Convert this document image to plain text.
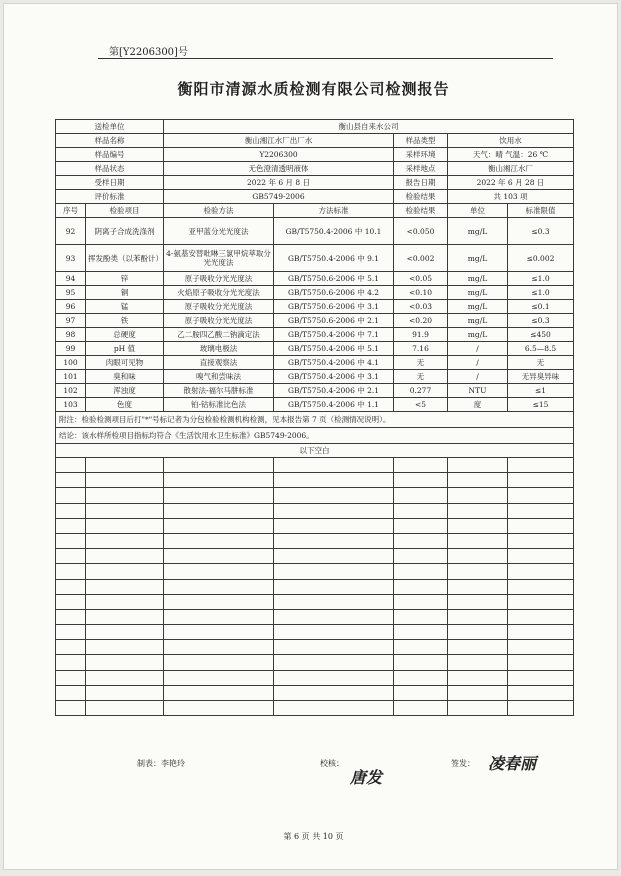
第[Y2206300]号
衡阳市清源水质检测有限公司检测报告
送检单位		衡山县自来水公司				
样品名称		衡山湘江水厂出厂水		样品类型	饮用水	
样品编号		Y2206300		采样环境	天气：晴 气温：26 ℃	
样品状态		无色澄清透明液体		采样地点	衡山湘江水厂	
受样日期		2022 年 6 月 8 日		报告日期	2022 年 6 月 28 日	
评价标准		GB5749-2006		检验结果	共 103 项	
序号	检验项目	检验方法	方法标准	检验结果	单位	标准限值
92	阴离子合成洗涤剂	亚甲蓝分光光度法	GB/T5750.4-2006 中 10.1	<0.050	mg/L	≤0.3
93	挥发酚类（以苯酚计）	4-氨基安替吡啉三氯甲烷萃取分光光度法	GB/T5750.4-2006 中 9.1	<0.002	mg/L	≤0.002
94	锌	原子吸收分光光度法	GB/T5750.6-2006 中 5.1	<0.05	mg/L	≤1.0
95	铜	火焰原子吸收分光光度法	GB/T5750.6-2006 中 4.2	<0.10	mg/L	≤1.0
96	锰	原子吸收分光光度法	GB/T5750.6-2006 中 3.1	<0.03	mg/L	≤0.1
97	铁	原子吸收分光光度法	GB/T5750.6-2006 中 2.1	<0.20	mg/L	≤0.3
98	总硬度	乙二胺四乙酸二钠滴定法	GB/T5750.4-2006 中 7.1	91.9	mg/L	≤450
99	pH 值	玻璃电极法	GB/T5750.4-2006 中 5.1	7.16	/	6.5—8.5
100	肉眼可见物	直接观察法	GB/T5750.4-2006 中 4.1	无	/	无
101	臭和味	嗅气和尝味法	GB/T5750.4-2006 中 3.1	无	/	无异臭异味
102	浑浊度	散射法-福尔马肼标准	GB/T5750.4-2006 中 2.1	0.277	NTU	≤1
103	色度	铂-钴标准比色法	GB/T5750.4-2006 中 1.1	<5	度	≤15
附注：检验检测项目后打"*"号标记者为分包检验检测机构检测，见本报告第 7 页（检测情况说明）。						
结论：该水样所检项目指标均符合《生活饮用水卫生标准》GB5749-2006。						
以下空白						

制表：李艳玲	校核：
唐发
签发： 凌春丽
第 6 页 共 10 页
